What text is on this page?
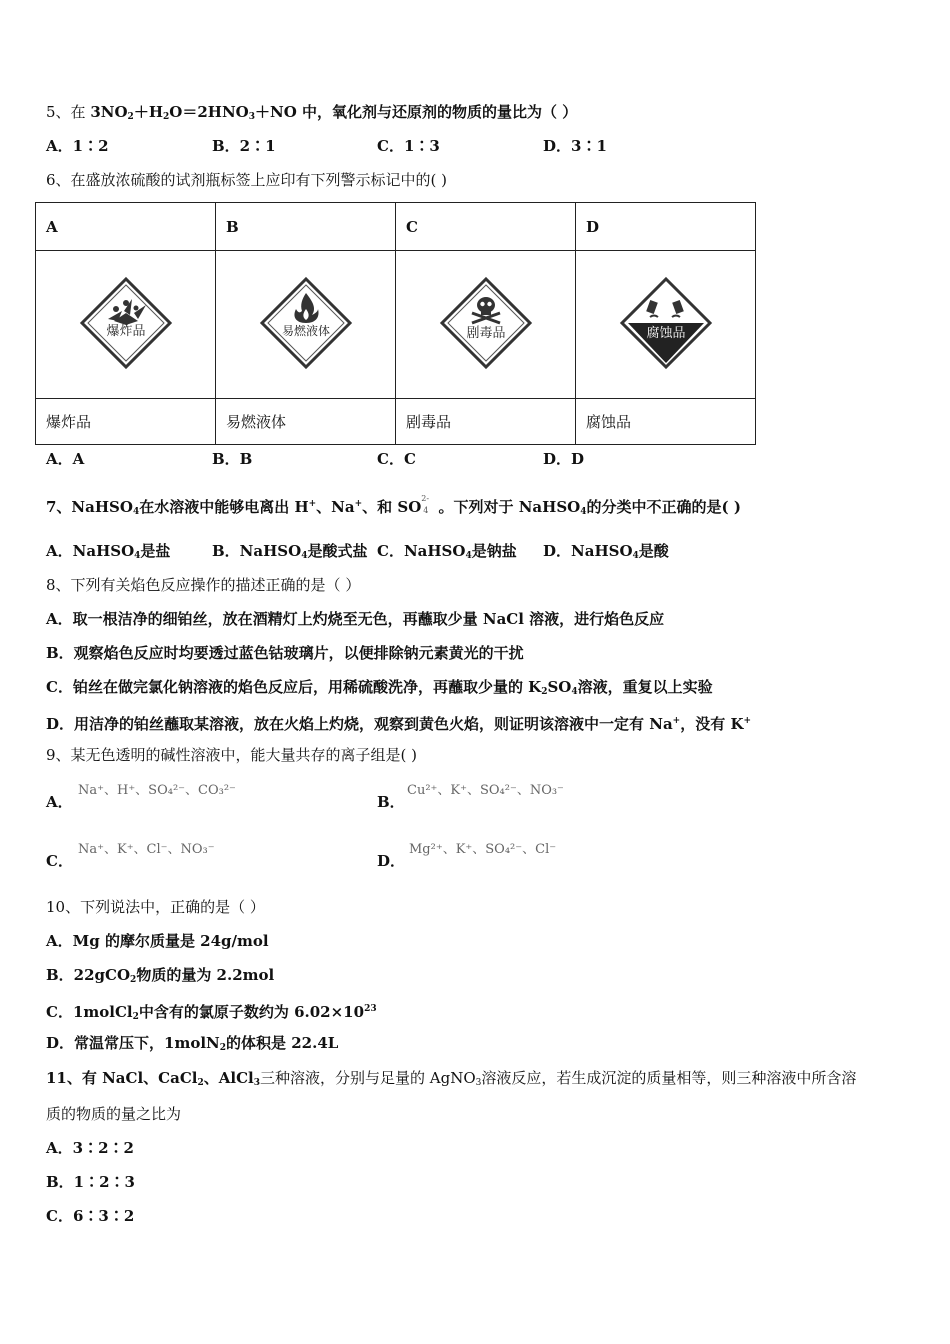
5、在 $3NO_2+H_2O=2HNO_3+NO$ 中，氧化剂与还原剂的物质的量比为（ ）
A．1∶2	B．2∶1	C．1∶3	D．3∶1
6、在盛放浓硫酸的试剂瓶标签上应印有下列警示标记中的( )
A	B	C	D

爆炸品	易燃液体	剧毒品	腐蚀品

爆炸品	易燃液体	剧毒品	腐蚀品
A．A	B．B	C．C	D．D
7、NaHSO$_4$在水溶液中能够电离出 H+、Na+、和 SO 2-
4 。下列对于 NaHSO$_4$的分类中不正确的是( )
A．NaHSO$_4$是盐	B．NaHSO$_4$是酸式盐 C．NaHSO$_4$是钠盐 D．NaHSO$_4$是酸
8、下列有关焰色反应操作的描述正确的是（ ）
A．取一根洁净的细铂丝，放在酒精灯上灼烧至无色，再蘸取少量 NaCl 溶液，进行焰色反应
B．观察焰色反应时均要透过蓝色钴玻璃片，以便排除钠元素黄光的干扰
C．铂丝在做完氯化钠溶液的焰色反应后，用稀硫酸洗净，再蘸取少量的 $K_2SO_4$溶液，重复以上实验
D．用洁净的铂丝蘸取某溶液，放在火焰上灼烧，观察到黄色火焰，则证明该溶液中一定有 Na+，没有 K+
9、某无色透明的碱性溶液中，能大量共存的离子组是( )
A．
Na⁺、H⁺、SO₄²⁻、CO₃²⁻
B．
Cu²⁺、K⁺、SO₄²⁻、NO₃⁻
C．
Na⁺、K⁺、Cl⁻、NO₃⁻
D．
Mg²⁺、K⁺、SO₄²⁻、Cl⁻
10、下列说法中，正确的是（ ）
A．Mg 的摩尔质量是 24g/mol
B．22gCO$_2$物质的量为 2.2mol
C．1molCl$_2$中含有的氯原子数约为 $6.02\times 10^{23}$
D．常温常压下，1molN$_2$的体积是 22.4L
11、有 NaCl、CaCl$_2$、AlCl$_3$三种溶液，分别与足量的 AgNO$_3$溶液反应，若生成沉淀的质量相等，则三种溶液中所含溶
质的物质的量之比为
A．3∶2∶2
B．1∶2∶3
C．6∶3∶2
